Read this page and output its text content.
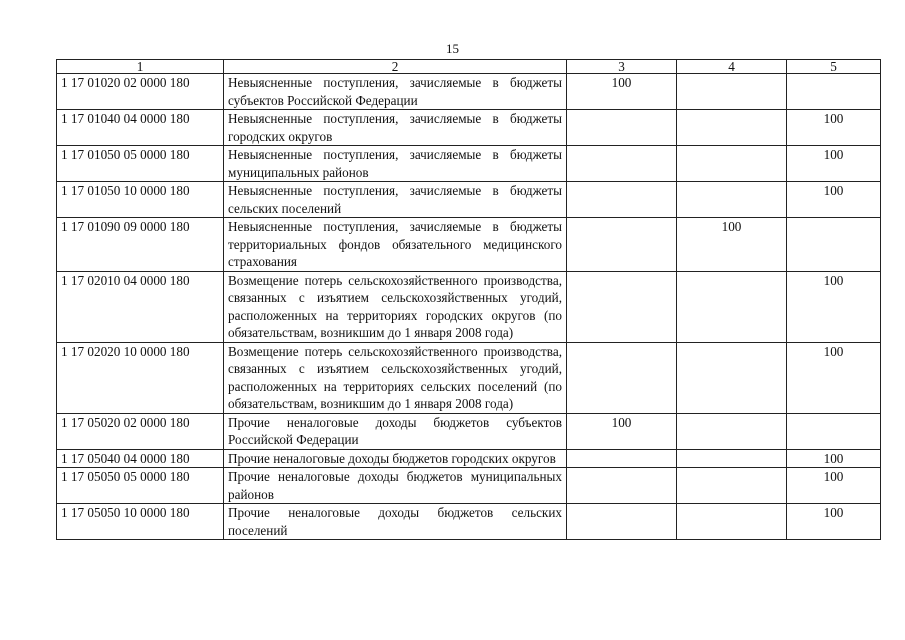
15
1	2	3	4	5
1 17 01020 02 0000 180	Невыясненные поступления, зачисляемые в бюджеты субъектов Российской Федерации	100		
1 17 01040 04 0000 180	Невыясненные поступления, зачисляемые в бюджеты городских округов			100
1 17 01050 05 0000 180	Невыясненные поступления, зачисляемые в бюджеты муниципальных районов			100
1 17 01050 10 0000 180	Невыясненные поступления, зачисляемые в бюджеты сельских поселений			100
1 17 01090 09 0000 180	Невыясненные поступления, зачисляемые в бюджеты территориальных фондов обязательного медицинского страхования		100	
1 17 02010 04 0000 180	Возмещение потерь сельскохозяйственного производства, связанных с изъятием сельскохозяйственных угодий, расположенных на территориях городских округов (по обязательствам, возникшим до 1 января 2008 года)			100
1 17 02020 10 0000 180	Возмещение потерь сельскохозяйственного производства, связанных с изъятием сельскохозяйственных угодий, расположенных на территориях сельских поселений (по обязательствам, возникшим до 1 января 2008 года)			100
1 17 05020 02 0000 180	Прочие неналоговые доходы бюджетов субъектов Российской Федерации	100		
1 17 05040 04 0000 180	Прочие неналоговые доходы бюджетов городских округов			100
1 17 05050 05 0000 180	Прочие неналоговые доходы бюджетов муниципальных районов			100
1 17 05050 10 0000 180	Прочие неналоговые доходы бюджетов сельских поселений			100
